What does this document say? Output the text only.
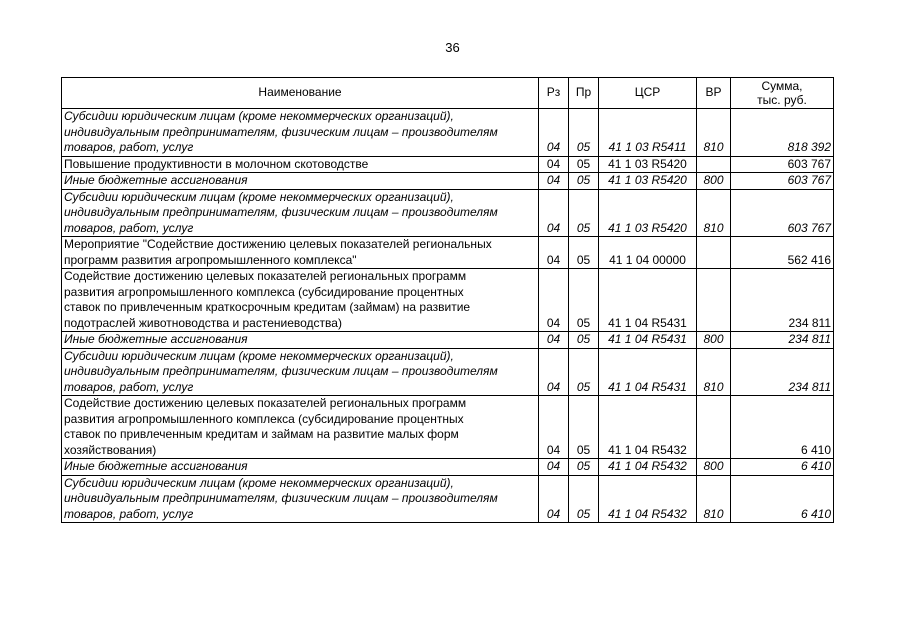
36
Наименование	Рз	Пр	ЦСР	ВР	Сумма,
тыс. руб.

Субсидии юридическим лицам (кроме некоммерческих организаций),
индивидуальным предпринимателям, физическим лицам – производителям
товаров, работ, услуг	04	05	41 1 03 R5411	810	818 392

Повышение продуктивности в молочном скотоводстве	04	05	41 1 03 R5420		603 767

Иные бюджетные ассигнования	04	05	41 1 03 R5420	800	603 767

Субсидии юридическим лицам (кроме некоммерческих организаций),
индивидуальным предпринимателям, физическим лицам – производителям
товаров, работ, услуг	04	05	41 1 03 R5420	810	603 767

Мероприятие "Содействие достижению целевых показателей региональных
программ развития агропромышленного комплекса"	04	05	41 1 04 00000		562 416

Содействие достижению целевых показателей региональных программ
развития агропромышленного комплекса (субсидирование процентных
ставок по привлеченным краткосрочным кредитам (займам) на развитие
подотраслей животноводства и растениеводства)	04	05	41 1 04 R5431		234 811

Иные бюджетные ассигнования	04	05	41 1 04 R5431	800	234 811

Субсидии юридическим лицам (кроме некоммерческих организаций),
индивидуальным предпринимателям, физическим лицам – производителям
товаров, работ, услуг	04	05	41 1 04 R5431	810	234 811

Содействие достижению целевых показателей региональных программ
развития агропромышленного комплекса (субсидирование процентных
ставок по привлеченным кредитам и займам на развитие малых форм
хозяйствования)	04	05	41 1 04 R5432		6 410

Иные бюджетные ассигнования	04	05	41 1 04 R5432	800	6 410

Субсидии юридическим лицам (кроме некоммерческих организаций),
индивидуальным предпринимателям, физическим лицам – производителям
товаров, работ, услуг	04	05	41 1 04 R5432	810	6 410
